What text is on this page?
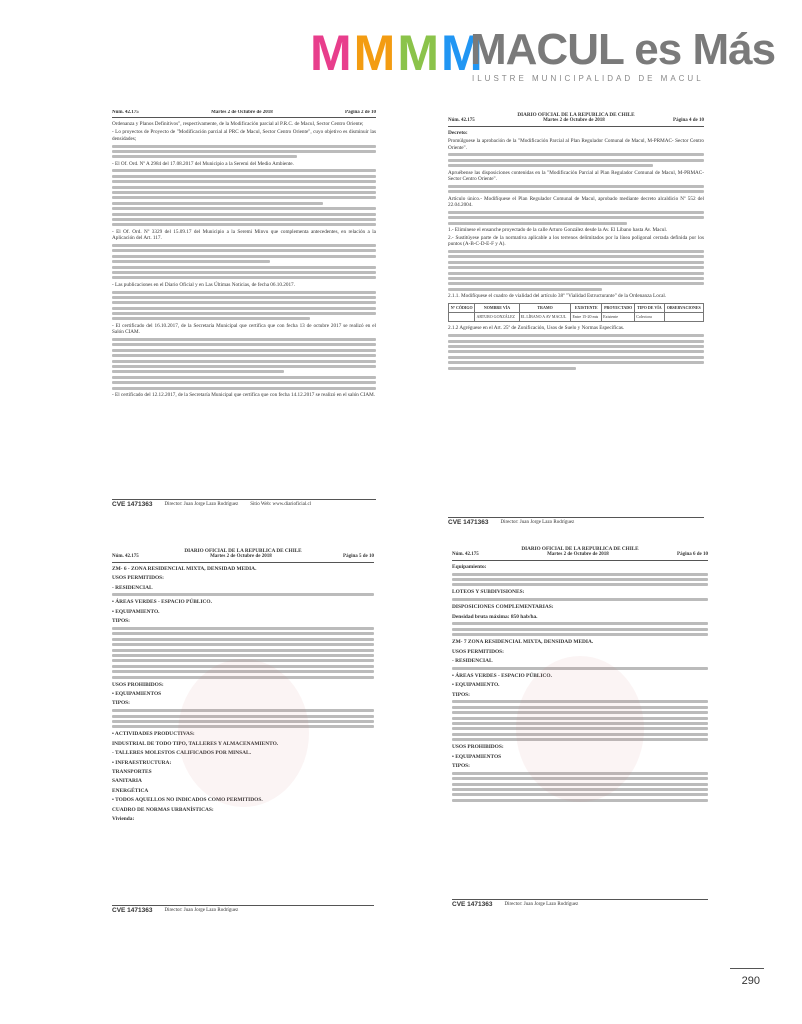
M M M M
MACUL es Más
ILUSTRE MUNICIPALIDAD DE MACUL
Núm. 42.175	Martes 2 de Octubre de 2018	Página 2 de 10

Ordenanza y Planos Definitivos", respectivamente, de la Modificación parcial al P.R.C. de Macul, Sector Centro Oriente;

- Lo proyectos de Proyecto de "Modificación parcial al PRC de Macul, Sector Centro Oriente", cuyo objetivo es disminuir las densidades;

- El Of. Ord. Nº A 2984 del 17.08.2017 del Municipio a la Seremi del Medio Ambiente.

- El Of. Ord. Nº 3329 del 15.09.17 del Municipio a la Seremi Minvu que complementa antecedentes, en relación a la Aplicación del Art. 117.

- Las publicaciones en el Diario Oficial y en Las Últimas Noticias, de fecha 06.10.2017.

- El certificado del 16.10.2017, de la Secretaría Municipal que certifica que con fecha 13 de octubre 2017 se realizó en el Salón CIAM.

- El certificado del 12.12.2017, de la Secretaría Municipal que certifica que con fecha 14.12.2017 se realizó en el salón CIAM.

CVE 1471363 Director: Juan Jorge Lazo Rodríguez Sitio Web: www.diarioficial.cl
DIARIO OFICIAL DE LA REPUBLICA DE CHILE
Núm. 42.175	Martes 2 de Octubre de 2018	Página 4 de 10
Decreto:

Promúlguese la aprobación de la "Modificación Parcial al Plan Regulador Comunal de Macul, M-PRMAC- Sector Centro Oriente".

Apruébense las disposiciones contenidas en la "Modificación Parcial al Plan Regulador Comunal de Macul, M-PRMAC- Sector Centro Oriente".

Artículo único.- Modifíquese el Plan Regulador Comunal de Macul, aprobado mediante decreto alcaldicio Nº 552 del 22.04.2004.

1.- Elimínese el ensanche proyectado de la calle Arturo González desde la Av. El Líbano hasta Av. Macul.

2.- Sustitúyese parte de la normativa aplicable a los terrenos delimitados por la línea poligonal cerrada definida por los puntos (A-B-C-D-E-F y A).

2.1.1. Modifíquese el cuadro de vialidad del artículo 38º "Vialidad Estructurante" de la Ordenanza Local.

Nº CÓDIGO	NOMBRE VÍA	TRAMO	EXISTENTE	PROYECTADO	TIPO DE VÍA	OBSERVACIONES
	ARTURO GONZÁLEZ	EL LÍBANO A AV MACUL	Entre 15-20 mts	Existente	Colectora	

2.1.2 Agréguese en el Art. 25º de Zonificación, Usos de Suelo y Normas Específicas.

CVE 1471363 Director: Juan Jorge Lazo Rodríguez
DIARIO OFICIAL DE LA REPUBLICA DE CHILE
Núm. 42.175	Martes 2 de Octubre de 2018	Página 5 de 10
ZM- 6 - ZONA RESIDENCIAL MIXTA, DENSIDAD MEDIA.
USOS PERMITIDOS:
- RESIDENCIAL
• ÁREAS VERDES - ESPACIO PÚBLICO.
• EQUIPAMIENTO.
TIPOS:
USOS PROHIBIDOS:
• EQUIPAMIENTOS
TIPOS:
• ACTIVIDADES PRODUCTIVAS:
INDUSTRIAL DE TODO TIPO, TALLERES Y ALMACENAMIENTO.
- TALLERES MOLESTOS CALIFICADOS POR MINSAL.
• INFRAESTRUCTURA:
TRANSPORTES
SANITARIA
ENERGÉTICA
• TODOS AQUELLOS NO INDICADOS COMO PERMITIDOS.
CUADRO DE NORMAS URBANÍSTICAS:
Vivienda:
CVE 1471363 Director: Juan Jorge Lazo Rodríguez
DIARIO OFICIAL DE LA REPUBLICA DE CHILE
Núm. 42.175	Martes 2 de Octubre de 2018	Página 6 de 10
Equipamiento:
LOTEOS Y SUBDIVISIONES:
DISPOSICIONES COMPLEMENTARIAS:
Densidad bruta máxima: 850 hab/ha.
ZM- 7 ZONA RESIDENCIAL MIXTA, DENSIDAD MEDIA.
USOS PERMITIDOS:
- RESIDENCIAL
• ÁREAS VERDES - ESPACIO PÚBLICO.
• EQUIPAMIENTO.
TIPOS:
USOS PROHIBIDOS:
• EQUIPAMIENTOS
TIPOS:
CVE 1471363 Director: Juan Jorge Lazo Rodríguez
290
